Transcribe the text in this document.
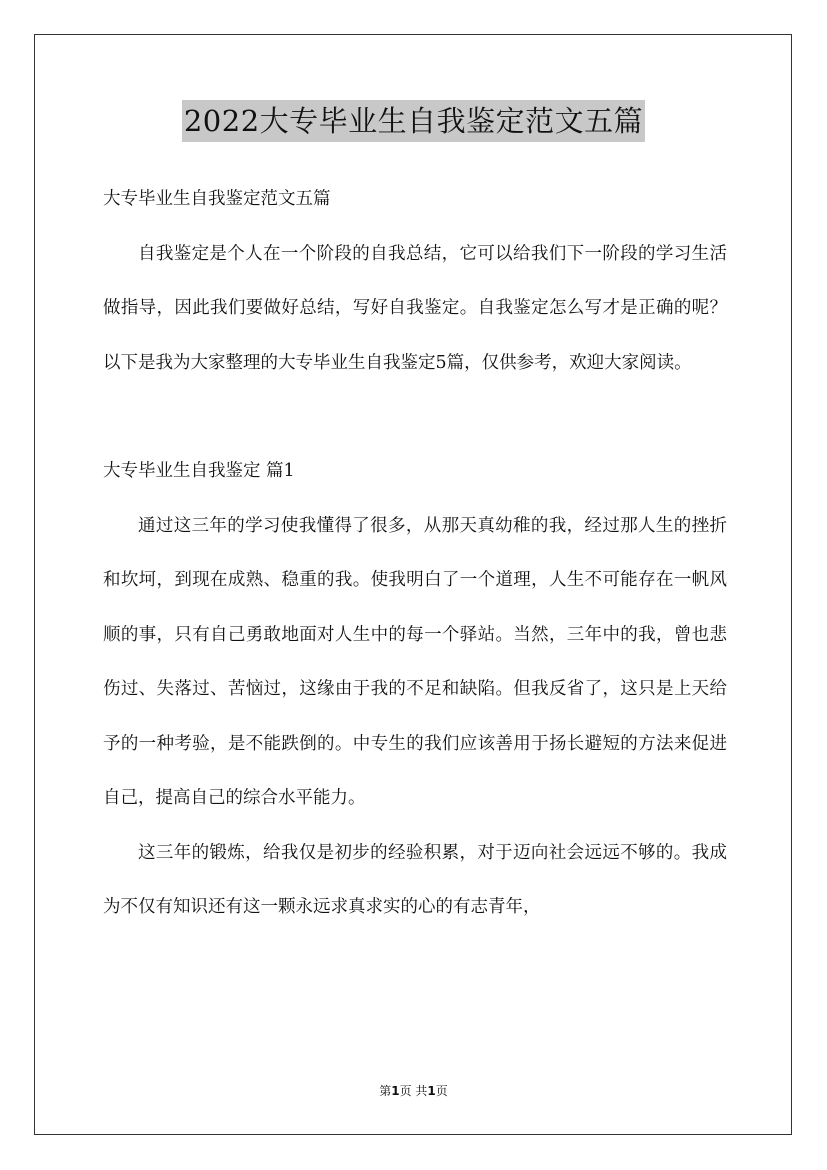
2022大专毕业生自我鉴定范文五篇

大专毕业生自我鉴定范文五篇

自我鉴定是个人在一个阶段的自我总结，它可以给我们下一阶段的学习生活做指导，因此我们要做好总结，写好自我鉴定。自我鉴定怎么写才是正确的呢？以下是我为大家整理的大专毕业生自我鉴定5篇，仅供参考，欢迎大家阅读。

大专毕业生自我鉴定 篇1

通过这三年的学习使我懂得了很多，从那天真幼稚的我，经过那人生的挫折和坎坷，到现在成熟、稳重的我。使我明白了一个道理，人生不可能存在一帆风顺的事，只有自己勇敢地面对人生中的每一个驿站。当然，三年中的我，曾也悲伤过、失落过、苦恼过，这缘由于我的不足和缺陷。但我反省了，这只是上天给予的一种考验，是不能跌倒的。中专生的我们应该善用于扬长避短的方法来促进自己，提高自己的综合水平能力。

这三年的锻炼，给我仅是初步的经验积累，对于迈向社会远远不够的。我成为不仅有知识还有这一颗永远求真求实的心的有志青年，

第1页 共1页
